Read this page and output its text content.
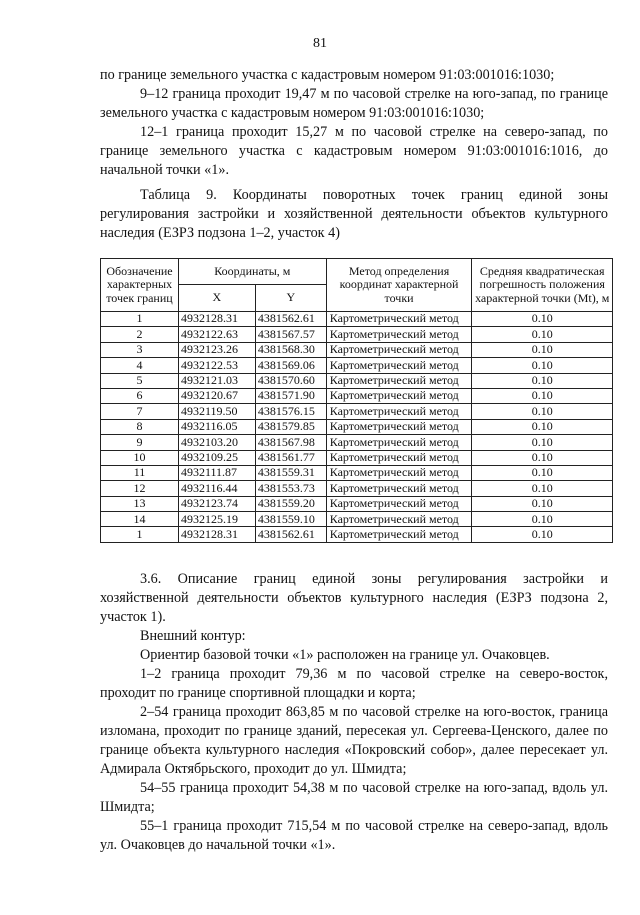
81

по границе земельного участка с кадастровым номером 91:03:001016:1030;

9–12 граница проходит 19,47 м по часовой стрелке на юго-запад, по границе земельного участка с кадастровым номером 91:03:001016:1030;

12–1 граница проходит 15,27 м по часовой стрелке на северо-запад, по границе земельного участка с кадастровым номером 91:03:001016:1016, до начальной точки «1».

Таблица 9. Координаты поворотных точек границ единой зоны регулирования застройки и хозяйственной деятельности объектов культурного наследия (ЕЗРЗ подзона 1–2, участок 4)

Обозначение характерных точек границ	Координаты, м		Метод определения координат характерной точки	Средняя квадратическая погрешность положения характерной точки (Mt), м
	X	Y		
1	4932128.31	4381562.61	Картометрический метод	0.10
2	4932122.63	4381567.57	Картометрический метод	0.10
3	4932123.26	4381568.30	Картометрический метод	0.10
4	4932122.53	4381569.06	Картометрический метод	0.10
5	4932121.03	4381570.60	Картометрический метод	0.10
6	4932120.67	4381571.90	Картометрический метод	0.10
7	4932119.50	4381576.15	Картометрический метод	0.10
8	4932116.05	4381579.85	Картометрический метод	0.10
9	4932103.20	4381567.98	Картометрический метод	0.10
10	4932109.25	4381561.77	Картометрический метод	0.10
11	4932111.87	4381559.31	Картометрический метод	0.10
12	4932116.44	4381553.73	Картометрический метод	0.10
13	4932123.74	4381559.20	Картометрический метод	0.10
14	4932125.19	4381559.10	Картометрический метод	0.10
1	4932128.31	4381562.61	Картометрический метод	0.10

3.6. Описание границ единой зоны регулирования застройки и хозяйственной деятельности объектов культурного наследия (ЕЗРЗ подзона 2, участок 1).

Внешний контур:

Ориентир базовой точки «1» расположен на границе ул. Очаковцев.

1–2 граница проходит 79,36 м по часовой стрелке на северо-восток, проходит по границе спортивной площадки и корта;

2–54 граница проходит 863,85 м по часовой стрелке на юго-восток, граница изломана, проходит по границе зданий, пересекая ул. Сергеева-Ценского, далее по границе объекта культурного наследия «Покровский собор», далее пересекает ул. Адмирала Октябрьского, проходит до ул. Шмидта;

54–55 граница проходит 54,38 м по часовой стрелке на юго-запад, вдоль ул. Шмидта;

55–1 граница проходит 715,54 м по часовой стрелке на северо-запад, вдоль ул. Очаковцев до начальной точки «1».
